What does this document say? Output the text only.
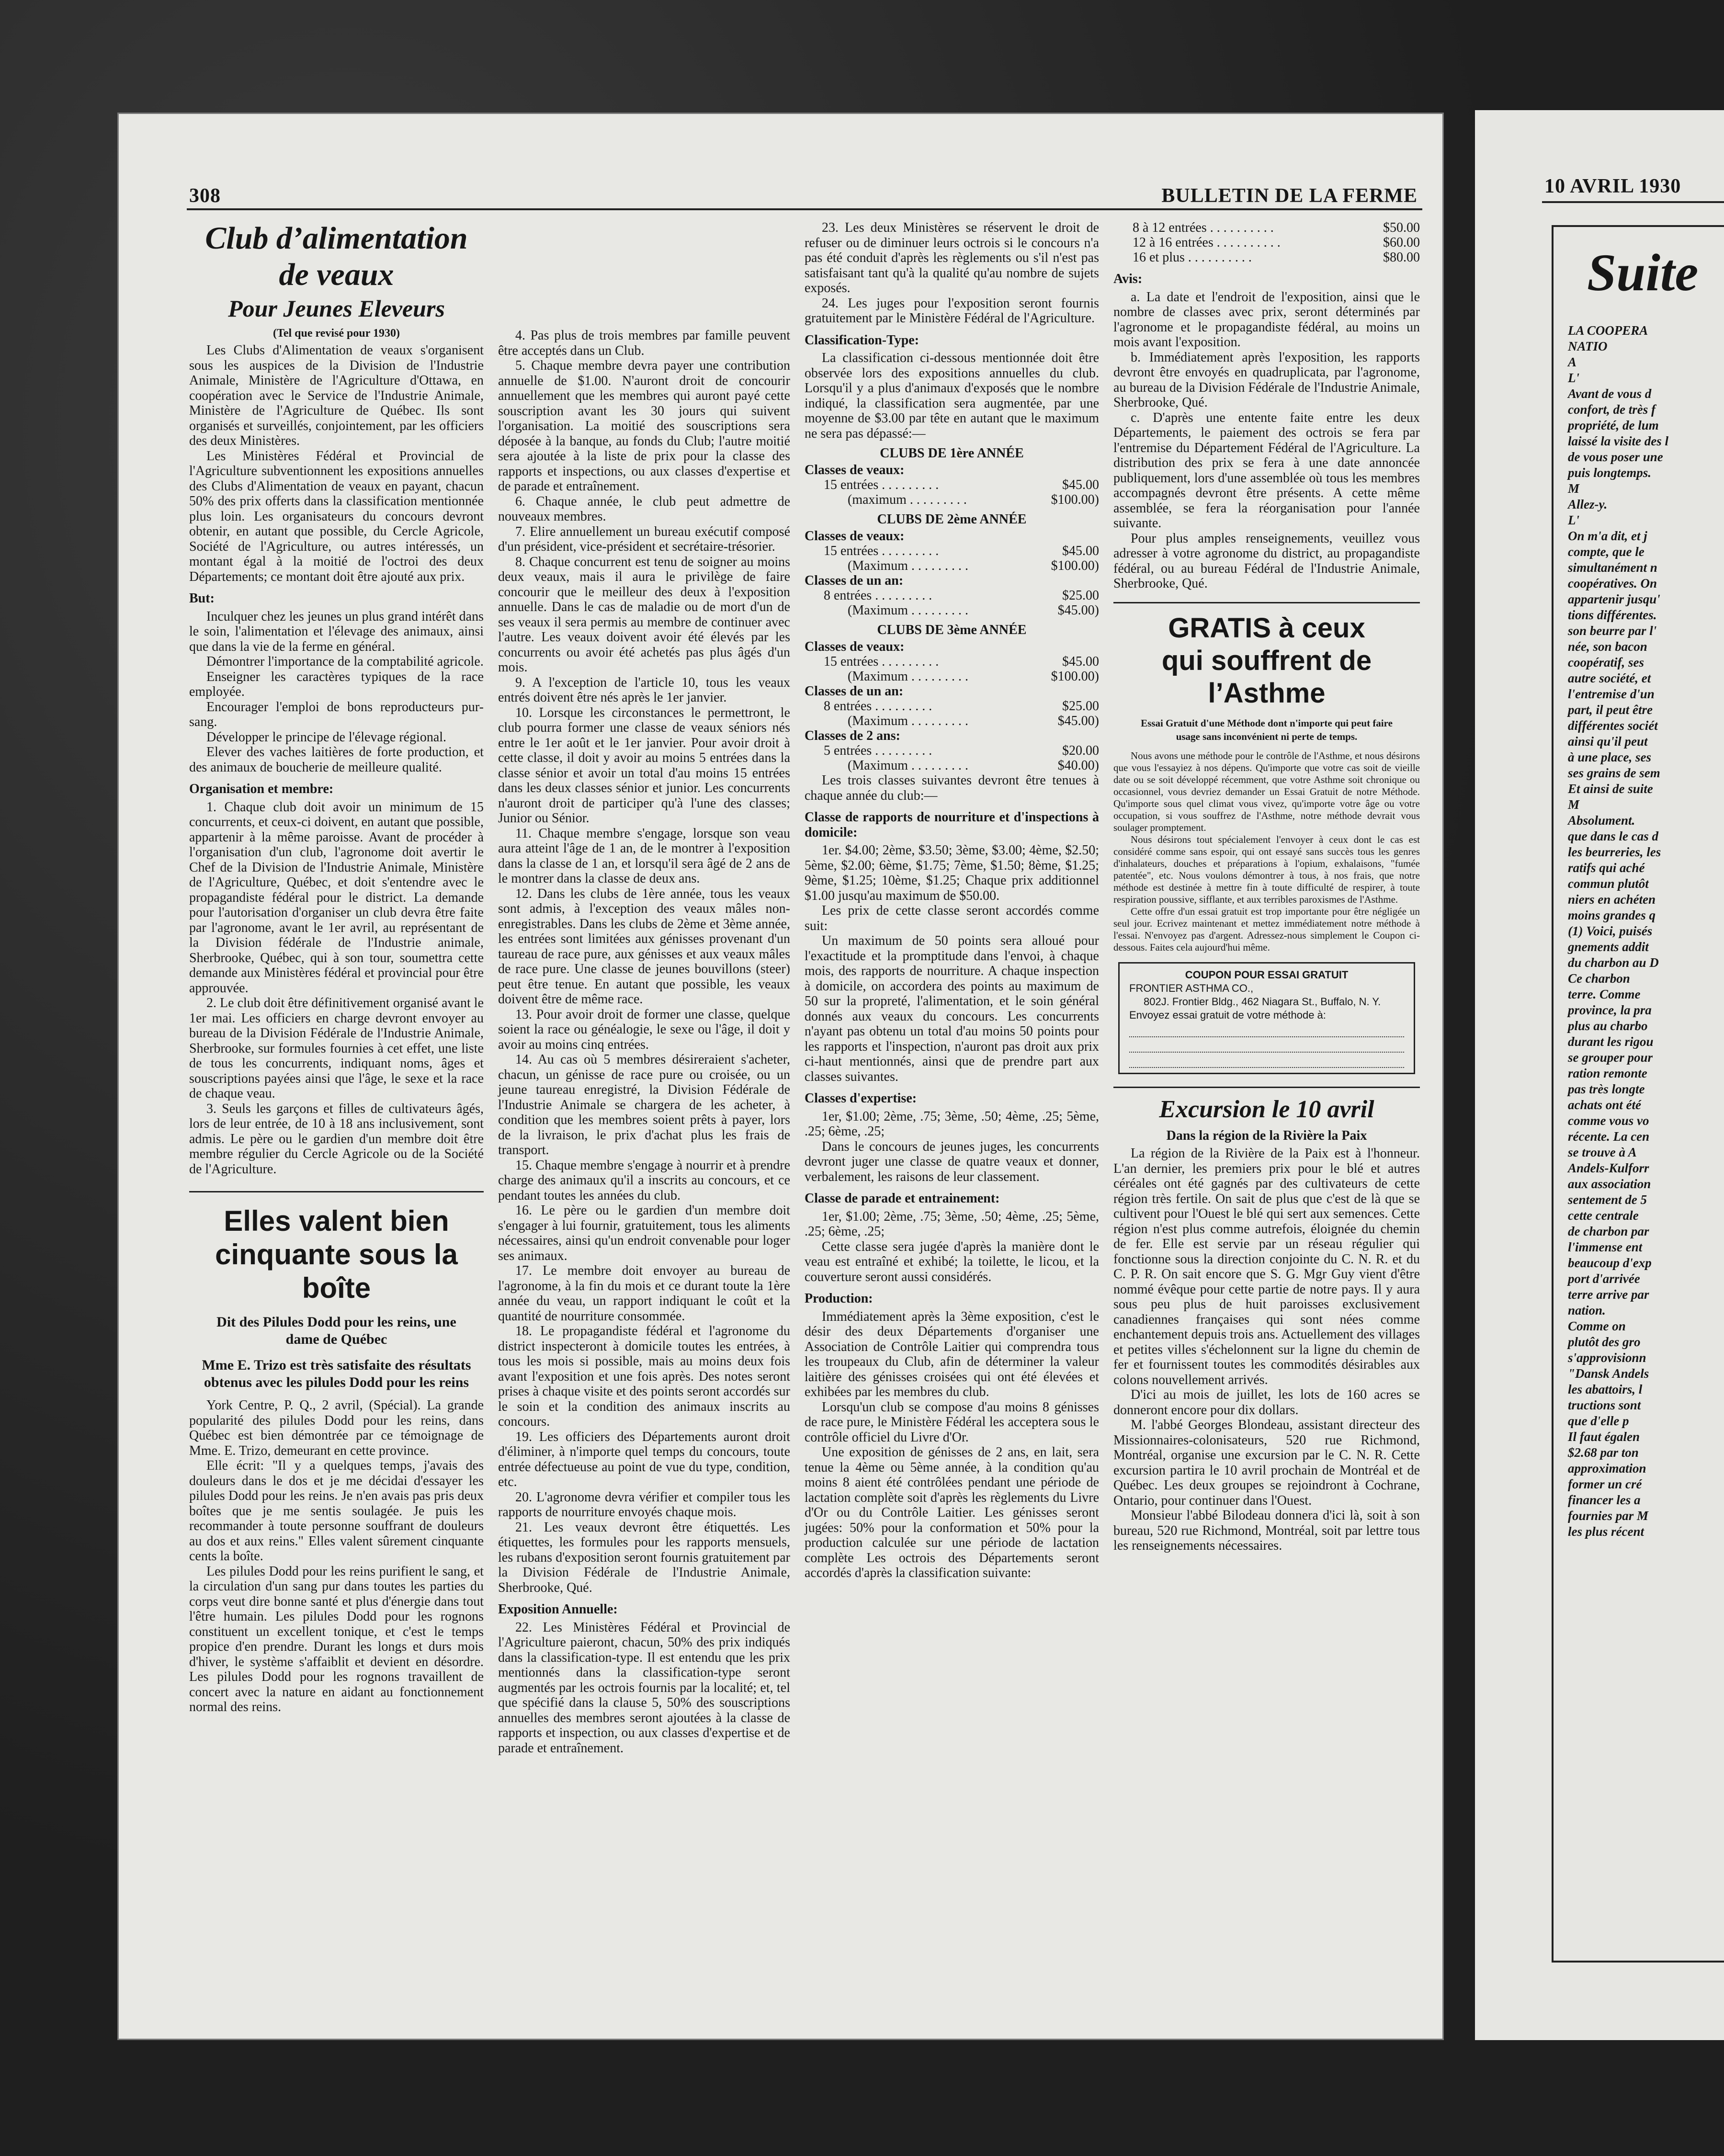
308	BULLETIN DE LA FERME
Club d’alimentation de veaux
Pour Jeunes Eleveurs
(Tel que revisé pour 1930)

Les Clubs d'Alimentation de veaux s'organisent sous les auspices de la Division de l'Industrie Animale, Ministère de l'Agriculture d'Ottawa, en coopération avec le Service de l'Industrie Animale, Ministère de l'Agriculture de Québec. Ils sont organisés et surveillés, conjointement, par les officiers des deux Ministères.

Les Ministères Fédéral et Provincial de l'Agriculture subventionnent les expositions annuelles des Clubs d'Alimentation de veaux en payant, chacun 50% des prix offerts dans la classification mentionnée plus loin. Les organisateurs du concours devront obtenir, en autant que possible, du Cercle Agricole, Société de l'Agriculture, ou autres intéressés, un montant égal à la moitié de l'octroi des deux Départements; ce montant doit être ajouté aux prix.

But:

Inculquer chez les jeunes un plus grand intérêt dans le soin, l'alimentation et l'élevage des animaux, ainsi que dans la vie de la ferme en général.

Démontrer l'importance de la comptabilité agricole.

Enseigner les caractères typiques de la race employée.

Encourager l'emploi de bons reproducteurs pur-sang.

Développer le principe de l'élevage régional.

Elever des vaches laitières de forte production, et des animaux de boucherie de meilleure qualité.

Organisation et membre:

1. Chaque club doit avoir un minimum de 15 concurrents, et ceux-ci doivent, en autant que possible, appartenir à la même paroisse. Avant de procéder à l'organisation d'un club, l'agronome doit avertir le Chef de la Division de l'Industrie Animale, Ministère de l'Agriculture, Québec, et doit s'entendre avec le propagandiste fédéral pour le district. La demande pour l'autorisation d'organiser un club devra être faite par l'agronome, avant le 1er avril, au représentant de la Division fédérale de l'Industrie animale, Sherbrooke, Québec, qui à son tour, soumettra cette demande aux Ministères fédéral et provincial pour être approuvée.

2. Le club doit être définitivement organisé avant le 1er mai. Les officiers en charge devront envoyer au bureau de la Division Fédérale de l'Industrie Animale, Sherbrooke, sur formules fournies à cet effet, une liste de tous les concurrents, indiquant noms, âges et souscriptions payées ainsi que l'âge, le sexe et la race de chaque veau.

3. Seuls les garçons et filles de cultivateurs âgés, lors de leur entrée, de 10 à 18 ans inclusivement, sont admis. Le père ou le gardien d'un membre doit être membre régulier du Cercle Agricole ou de la Société de l'Agriculture.

Elles valent bien cinquante sous la boîte
Dit des Pilules Dodd pour les reins, une dame de Québec
Mme E. Trizo est très satisfaite des résultats obtenus avec les pilules Dodd pour les reins

York Centre, P. Q., 2 avril, (Spécial). La grande popularité des pilules Dodd pour les reins, dans Québec est bien démontrée par ce témoignage de Mme. E. Trizo, demeurant en cette province.

Elle écrit: "Il y a quelques temps, j'avais des douleurs dans le dos et je me décidai d'essayer les pilules Dodd pour les reins. Je n'en avais pas pris deux boîtes que je me sentis soulagée. Je puis les recommander à toute personne souffrant de douleurs au dos et aux reins." Elles valent sûrement cinquante cents la boîte.

Les pilules Dodd pour les reins purifient le sang, et la circulation d'un sang pur dans toutes les parties du corps veut dire bonne santé et plus d'énergie dans tout l'être humain. Les pilules Dodd pour les rognons constituent un excellent tonique, et c'est le temps propice d'en prendre. Durant les longs et durs mois d'hiver, le système s'affaiblit et devient en désordre. Les pilules Dodd pour les rognons travaillent de concert avec la nature en aidant au fonctionnement normal des reins.

4. Pas plus de trois membres par famille peuvent être acceptés dans un Club.

5. Chaque membre devra payer une contribution annuelle de $1.00. N'auront droit de concourir annuellement que les membres qui auront payé cette souscription avant les 30 jours qui suivent l'organisation. La moitié des souscriptions sera déposée à la banque, au fonds du Club; l'autre moitié sera ajoutée à la liste de prix pour la classe des rapports et inspections, ou aux classes d'expertise et de parade et entraînement.

6. Chaque année, le club peut admettre de nouveaux membres.

7. Elire annuellement un bureau exécutif composé d'un président, vice-président et secrétaire-trésorier.

8. Chaque concurrent est tenu de soigner au moins deux veaux, mais il aura le privilège de faire concourir que le meilleur des deux à l'exposition annuelle. Dans le cas de maladie ou de mort d'un de ses veaux il sera permis au membre de continuer avec l'autre. Les veaux doivent avoir été élevés par les concurrents ou avoir été achetés pas plus âgés d'un mois.

9. A l'exception de l'article 10, tous les veaux entrés doivent être nés après le 1er janvier.

10. Lorsque les circonstances le permettront, le club pourra former une classe de veaux séniors nés entre le 1er août et le 1er janvier. Pour avoir droit à cette classe, il doit y avoir au moins 5 entrées dans la classe sénior et avoir un total d'au moins 15 entrées dans les deux classes sénior et junior. Les concurrents n'auront droit de participer qu'à l'une des classes; Junior ou Sénior.

11. Chaque membre s'engage, lorsque son veau aura atteint l'âge de 1 an, de le montrer à l'exposition dans la classe de 1 an, et lorsqu'il sera âgé de 2 ans de le montrer dans la classe de deux ans.

12. Dans les clubs de 1ère année, tous les veaux sont admis, à l'exception des veaux mâles non-enregistrables. Dans les clubs de 2ème et 3ème année, les entrées sont limitées aux génisses provenant d'un taureau de race pure, aux génisses et aux veaux mâles de race pure. Une classe de jeunes bouvillons (steer) peut être tenue. En autant que possible, les veaux doivent être de même race.

13. Pour avoir droit de former une classe, quelque soient la race ou généalogie, le sexe ou l'âge, il doit y avoir au moins cinq entrées.

14. Au cas où 5 membres désireraient s'acheter, chacun, un génisse de race pure ou croisée, ou un jeune taureau enregistré, la Division Fédérale de l'Industrie Animale se chargera de les acheter, à condition que les membres soient prêts à payer, lors de la livraison, le prix d'achat plus les frais de transport.

15. Chaque membre s'engage à nourrir et à prendre charge des animaux qu'il a inscrits au concours, et ce pendant toutes les années du club.

16. Le père ou le gardien d'un membre doit s'engager à lui fournir, gratuitement, tous les aliments nécessaires, ainsi qu'un endroit convenable pour loger ses animaux.

17. Le membre doit envoyer au bureau de l'agronome, à la fin du mois et ce durant toute la 1ère année du veau, un rapport indiquant le coût et la quantité de nourriture consommée.

18. Le propagandiste fédéral et l'agronome du district inspecteront à domicile toutes les entrées, à tous les mois si possible, mais au moins deux fois avant l'exposition et une fois après. Des notes seront prises à chaque visite et des points seront accordés sur le soin et la condition des animaux inscrits au concours.

19. Les officiers des Départements auront droit d'éliminer, à n'importe quel temps du concours, toute entrée défectueuse au point de vue du type, condition, etc.

20. L'agronome devra vérifier et compiler tous les rapports de nourriture envoyés chaque mois.

21. Les veaux devront être étiquettés. Les étiquettes, les formules pour les rapports mensuels, les rubans d'exposition seront fournis gratuitement par la Division Fédérale de l'Industrie Animale, Sherbrooke, Qué.

Exposition Annuelle:

22. Les Ministères Fédéral et Provincial de l'Agriculture paieront, chacun, 50% des prix indiqués dans la classification-type. Il est entendu que les prix mentionnés dans la classification-type seront augmentés par les octrois fournis par la localité; et, tel que spécifié dans la clause 5, 50% des souscriptions annuelles des membres seront ajoutées à la classe de rapports et inspection, ou aux classes d'expertise et de parade et entraînement.

23. Les deux Ministères se réservent le droit de refuser ou de diminuer leurs octrois si le concours n'a pas été conduit d'après les règlements ou s'il n'est pas satisfaisant tant qu'à la qualité qu'au nombre de sujets exposés.

24. Les juges pour l'exposition seront fournis gratuitement par le Ministère Fédéral de l'Agriculture.

Classification-Type:

La classification ci-dessous mentionnée doit être observée lors des expositions annuelles du club. Lorsqu'il y a plus d'animaux d'exposés que le nombre indiqué, la classification sera augmentée, par une moyenne de $3.00 par tête en autant que le maximum ne sera pas dépassé:—

CLUBS DE 1ère ANNÉE
Classes de veaux:
15 entrées . . . . . . . . .	$45.00
(maximum . . . . . . . . .	$100.00)
CLUBS DE 2ème ANNÉE
Classes de veaux:
15 entrées . . . . . . . . .	$45.00
(Maximum . . . . . . . . .	$100.00)
Classes de un an:
8 entrées . . . . . . . . .	$25.00
(Maximum . . . . . . . . .	$45.00)
CLUBS DE 3ème ANNÉE
Classes de veaux:
15 entrées . . . . . . . . .	$45.00
(Maximum . . . . . . . . .	$100.00)
Classes de un an:
8 entrées . . . . . . . . .	$25.00
(Maximum . . . . . . . . .	$45.00)
Classes de 2 ans:
5 entrées . . . . . . . . .	$20.00
(Maximum . . . . . . . . .	$40.00)

Les trois classes suivantes devront être tenues à chaque année du club:—

Classe de rapports de nourriture et d'inspections à domicile:

1er. $4.00; 2ème, $3.50; 3ème, $3.00; 4ème, $2.50; 5ème, $2.00; 6ème, $1.75; 7ème, $1.50; 8ème, $1.25; 9ème, $1.25; 10ème, $1.25; Chaque prix additionnel $1.00 jusqu'au maximum de $50.00.

Les prix de cette classe seront accordés comme suit:

Un maximum de 50 points sera alloué pour l'exactitude et la promptitude dans l'envoi, à chaque mois, des rapports de nourriture. A chaque inspection à domicile, on accordera des points au maximum de 50 sur la propreté, l'alimentation, et le soin général donnés aux veaux du concours. Les concurrents n'ayant pas obtenu un total d'au moins 50 points pour les rapports et l'inspection, n'auront pas droit aux prix ci-haut mentionnés, ainsi que de prendre part aux classes suivantes.

Classes d'expertise:

1er, $1.00; 2ème, .75; 3ème, .50; 4ème, .25; 5ème, .25; 6ème, .25;

Dans le concours de jeunes juges, les concurrents devront juger une classe de quatre veaux et donner, verbalement, les raisons de leur classement.

Classe de parade et entrainement:

1er, $1.00; 2ème, .75; 3ème, .50; 4ème, .25; 5ème, .25; 6ème, .25;

Cette classe sera jugée d'après la manière dont le veau est entraîné et exhibé; la toilette, le licou, et la couverture seront aussi considérés.

Production:

Immédiatement après la 3ème exposition, c'est le désir des deux Départements d'organiser une Association de Contrôle Laitier qui comprendra tous les troupeaux du Club, afin de déterminer la valeur laitière des génisses croisées qui ont été élevées et exhibées par les membres du club.

Lorsqu'un club se compose d'au moins 8 génisses de race pure, le Ministère Fédéral les acceptera sous le contrôle officiel du Livre d'Or.

Une exposition de génisses de 2 ans, en lait, sera tenue la 4ème ou 5ème année, à la condition qu'au moins 8 aient été contrôlées pendant une période de lactation complète soit d'après les règlements du Livre d'Or ou du Contrôle Laitier. Les génisses seront jugées: 50% pour la conformation et 50% pour la production calculée sur une période de lactation complète Les octrois des Départements seront accordés d'après la classification suivante:

8 à 12 entrées . . . . . . . . . .	$50.00
12 à 16 entrées . . . . . . . . . .	$60.00
16 et plus . . . . . . . . . .	$80.00
Avis:

a. La date et l'endroit de l'exposition, ainsi que le nombre de classes avec prix, seront déterminés par l'agronome et le propagandiste fédéral, au moins un mois avant l'exposition.

b. Immédiatement après l'exposition, les rapports devront être envoyés en quadruplicata, par l'agronome, au bureau de la Division Fédérale de l'Industrie Animale, Sherbrooke, Qué.

c. D'après une entente faite entre les deux Départements, le paiement des octrois se fera par l'entremise du Département Fédéral de l'Agriculture. La distribution des prix se fera à une date annoncée publiquement, lors d'une assemblée où tous les membres accompagnés devront être présents. A cette même assemblée, se fera la réorganisation pour l'année suivante.

Pour plus amples renseignements, veuillez vous adresser à votre agronome du district, au propagandiste fédéral, ou au bureau Fédéral de l'Industrie Animale, Sherbrooke, Qué.

GRATIS à ceux
qui souffrent de l’Asthme
Essai Gratuit d'une Méthode dont n'importe qui peut faire usage sans inconvénient ni perte de temps.

Nous avons une méthode pour le contrôle de l'Asthme, et nous désirons que vous l'essayiez à nos dépens. Qu'importe que votre cas soit de vieille date ou se soit développé récemment, que votre Asthme soit chronique ou occasionnel, vous devriez demander un Essai Gratuit de notre Méthode. Qu'importe sous quel climat vous vivez, qu'importe votre âge ou votre occupation, si vous souffrez de l'Asthme, notre méthode devrait vous soulager promptement.

Nous désirons tout spécialement l'envoyer à ceux dont le cas est considéré comme sans espoir, qui ont essayé sans succès tous les genres d'inhalateurs, douches et préparations à l'opium, exhalaisons, "fumée patentée", etc. Nous voulons démontrer à tous, à nos frais, que notre méthode est destinée à mettre fin à toute difficulté de respirer, à toute respiration poussive, sifflante, et aux terribles paroxismes de l'Asthme.

Cette offre d'un essai gratuit est trop importante pour être négligée un seul jour. Ecrivez maintenant et mettez immédiatement notre méthode à l'essai. N'envoyez pas d'argent. Adressez-nous simplement le Coupon ci-dessous. Faites cela aujourd'hui même.

COUPON POUR ESSAI GRATUIT
FRONTIER ASTHMA CO.,
802J. Frontier Bldg., 462 Niagara St., Buffalo, N. Y.
Envoyez essai gratuit de votre méthode à:
Excursion le 10 avril
Dans la région de la Rivière la Paix

La région de la Rivière de la Paix est à l'honneur. L'an dernier, les premiers prix pour le blé et autres céréales ont été gagnés par des cultivateurs de cette région très fertile. On sait de plus que c'est de là que se cultivent pour l'Ouest le blé qui sert aux semences. Cette région n'est plus comme autrefois, éloignée du chemin de fer. Elle est servie par un réseau régulier qui fonctionne sous la direction conjointe du C. N. R. et du C. P. R. On sait encore que S. G. Mgr Guy vient d'être nommé évêque pour cette partie de notre pays. Il y aura sous peu plus de huit paroisses exclusivement canadiennes françaises qui sont nées comme enchantement depuis trois ans. Actuellement des villages et petites villes s'échelonnent sur la ligne du chemin de fer et fournissent toutes les commodités désirables aux colons nouvellement arrivés.

D'ici au mois de juillet, les lots de 160 acres se donneront encore pour dix dollars.

M. l'abbé Georges Blondeau, assistant directeur des Missionnaires-colonisateurs, 520 rue Richmond, Montréal, organise une excursion par le C. N. R. Cette excursion partira le 10 avril prochain de Montréal et de Québec. Les deux groupes se rejoindront à Cochrane, Ontario, pour continuer dans l'Ouest.

Monsieur l'abbé Bilodeau donnera d'ici là, soit à son bureau, 520 rue Richmond, Montréal, soit par lettre tous les renseignements nécessaires.

10 AVRIL 1930
Suite
LA COOPERA
NATIO
A
L'
Avant de vous d
confort, de très f
propriété, de lum
laissé la visite des l
de vous poser une
puis longtemps.
M
Allez-y.
L'
On m'a dit, et j
compte, que le
simultanément n
coopératives. On
appartenir jusqu'
tions différentes.
son beurre par l'
née, son bacon
coopératif, ses
autre société, et
l'entremise d'un
part, il peut être
différentes sociét
ainsi qu'il peut
à une place, ses
ses grains de sem
Et ainsi de suite
M
Absolument.
que dans le cas d
les beurreries, les
ratifs qui aché
commun plutôt
niers en achéten
moins grandes q
(1) Voici, puisés
gnements addit
du charbon au D
Ce charbon
terre. Comme
province, la pra
plus au charbo
durant les rigou
se grouper pour
ration remonte
pas très longte
achats ont été
comme vous vo
récente. La cen
se trouve à A
Andels-Kulforr
aux association
sentement de 5
cette centrale
de charbon par
l'immense ent
beaucoup d'exp
port d'arrivée
terre arrive par
nation.
Comme on
plutôt des gro
s'approvisionn
"Dansk Andels
les abattoirs, l
tructions sont
que d'elle p
Il faut égalen
$2.68 par ton
approximation
former un cré
financer les a
fournies par M
les plus récent
